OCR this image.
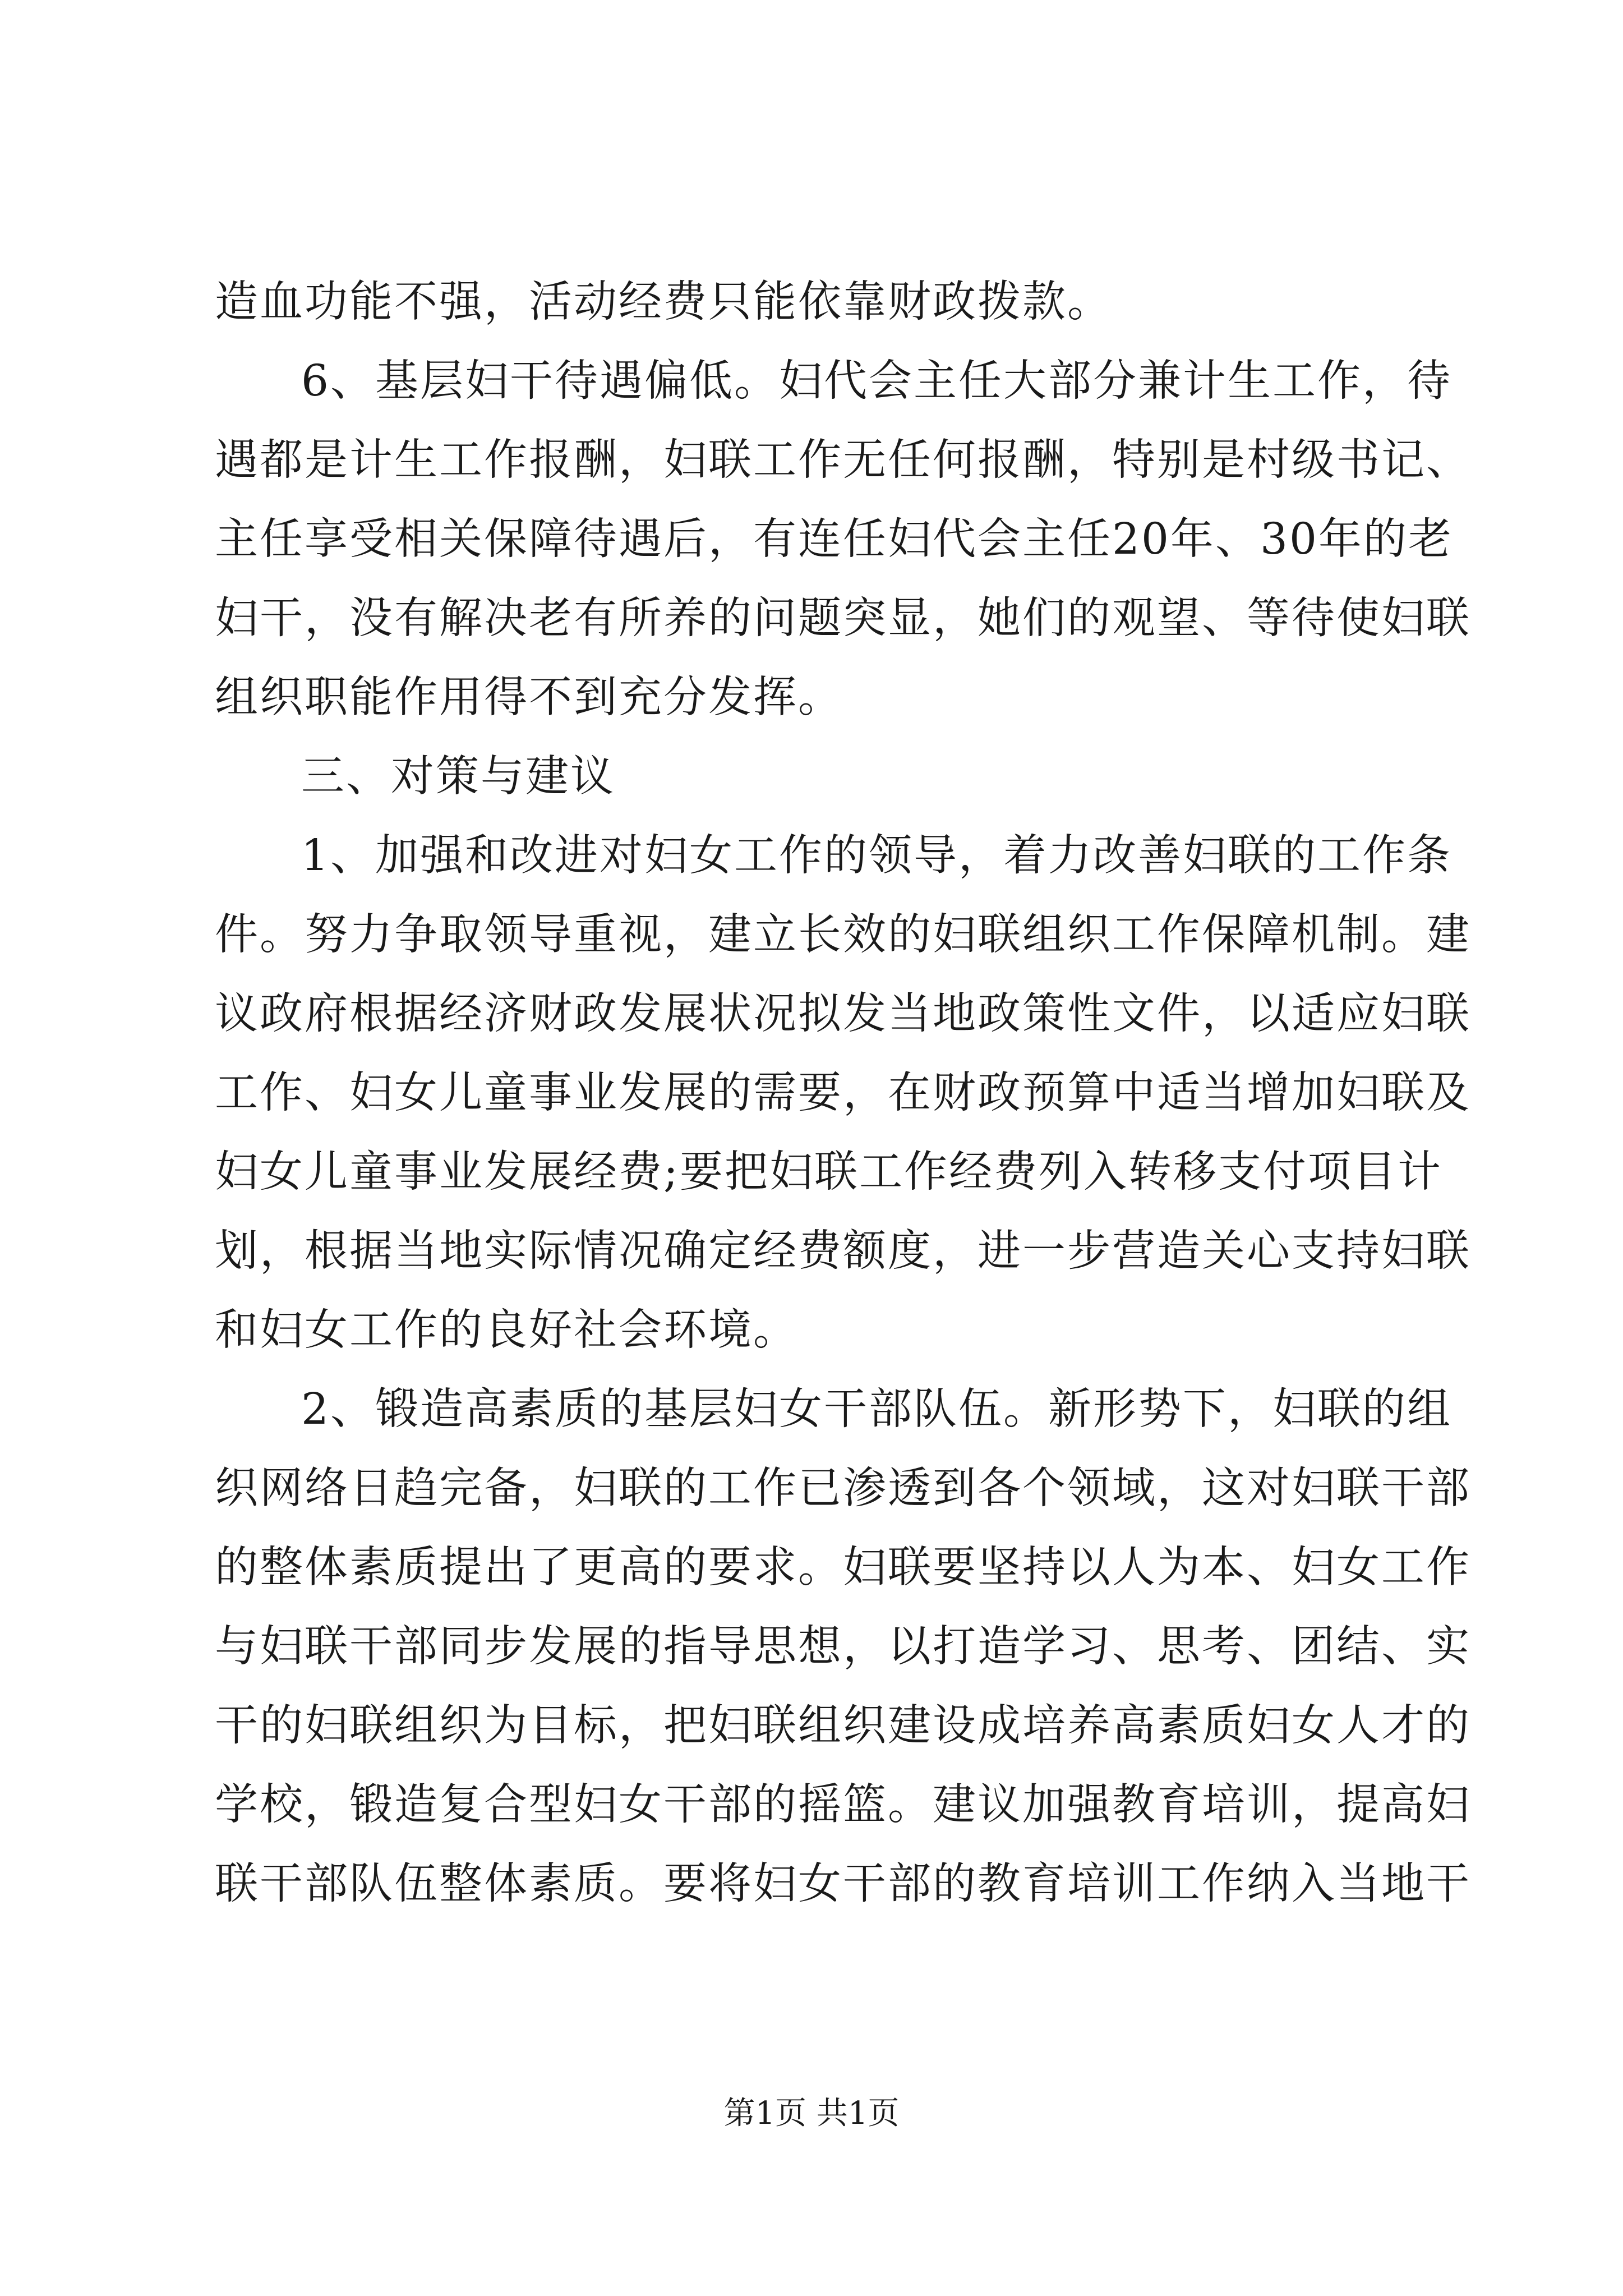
造血功能不强，活动经费只能依靠财政拨款。
6、基层妇干待遇偏低。妇代会主任大部分兼计生工作，待
遇都是计生工作报酬，妇联工作无任何报酬，特别是村级书记、
主任享受相关保障待遇后，有连任妇代会主任20年、30年的老
妇干，没有解决老有所养的问题突显，她们的观望、等待使妇联
组织职能作用得不到充分发挥。
三、对策与建议
1、加强和改进对妇女工作的领导，着力改善妇联的工作条
件。努力争取领导重视，建立长效的妇联组织工作保障机制。建
议政府根据经济财政发展状况拟发当地政策性文件，以适应妇联
工作、妇女儿童事业发展的需要，在财政预算中适当增加妇联及
妇女儿童事业发展经费;要把妇联工作经费列入转移支付项目计
划，根据当地实际情况确定经费额度，进一步营造关心支持妇联
和妇女工作的良好社会环境。
2、锻造高素质的基层妇女干部队伍。新形势下，妇联的组
织网络日趋完备，妇联的工作已渗透到各个领域，这对妇联干部
的整体素质提出了更高的要求。妇联要坚持以人为本、妇女工作
与妇联干部同步发展的指导思想，以打造学习、思考、团结、实
干的妇联组织为目标，把妇联组织建设成培养高素质妇女人才的
学校，锻造复合型妇女干部的摇篮。建议加强教育培训，提高妇
联干部队伍整体素质。要将妇女干部的教育培训工作纳入当地干
第1页 共1页
